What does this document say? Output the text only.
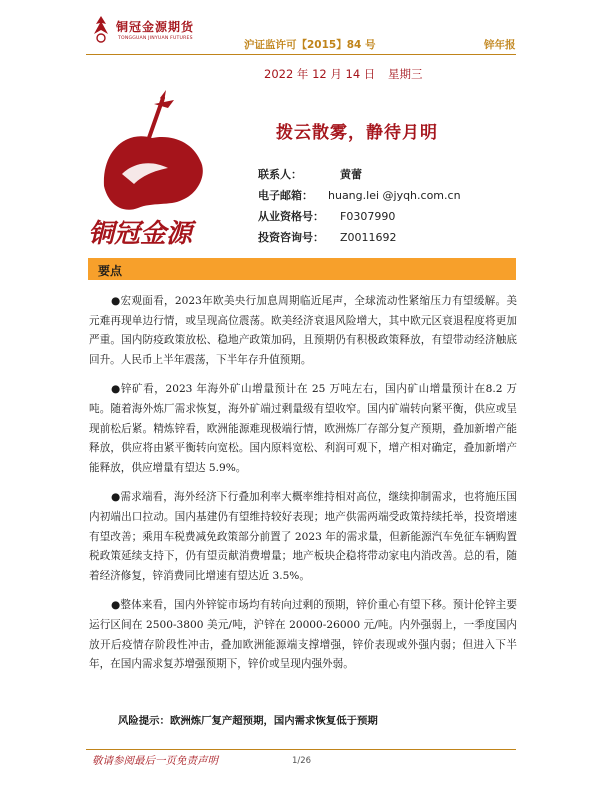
铜冠金源期货
TONGGUAN JINYUAN FUTURES
沪证监许可【2015】84 号	锌年报
2022 年 12 月 14 日 星期三
铜冠金源
拨云散雾，静待月明
联系人：	黄蕾
电子邮箱： huang.lei @jyqh.com.cn
从业资格号： F0307990
投资咨询号： Z0011692
要点

●宏观面看，2023年欧美央行加息周期临近尾声，全球流动性紧缩压力有望缓解。美元难再现单边行情，或呈现高位震荡。欧美经济衰退风险增大，其中欧元区衰退程度将更加严重。国内防疫政策放松、稳地产政策加码，且预期仍有积极政策释放，有望带动经济触底回升。人民币上半年震荡，下半年存升值预期。

●锌矿看，2023 年海外矿山增量预计在 25 万吨左右，国内矿山增量预计在8.2 万吨。随着海外炼厂需求恢复，海外矿端过剩量级有望收窄。国内矿端转向紧平衡，供应或呈现前松后紧。精炼锌看，欧洲能源难现极端行情，欧洲炼厂存部分复产预期，叠加新增产能释放，供应将由紧平衡转向宽松。国内原料宽松、利润可观下，增产相对确定，叠加新增产能释放，供应增量有望达 5.9%。

●需求端看，海外经济下行叠加利率大概率维持相对高位，继续抑制需求，也将施压国内初端出口拉动。国内基建仍有望维持较好表现；地产供需两端受政策持续托举，投资增速有望改善；乘用车税费减免政策部分前置了 2023 年的需求量，但新能源汽车免征车辆购置税政策延续支持下，仍有望贡献消费增量；地产板块企稳将带动家电内消改善。总的看，随着经济修复，锌消费同比增速有望达近 3.5%。

●整体来看，国内外锌锭市场均有转向过剩的预期，锌价重心有望下移。预计伦锌主要运行区间在 2500-3800 美元/吨，沪锌在 20000-26000 元/吨。内外强弱上，一季度国内放开后疫情存阶段性冲击，叠加欧洲能源端支撑增强，锌价表现或外强内弱；但进入下半年，在国内需求复苏增强预期下，锌价或呈现内强外弱。

风险提示：欧洲炼厂复产超预期，国内需求恢复低于预期
敬请参阅最后一页免责声明	1/26
